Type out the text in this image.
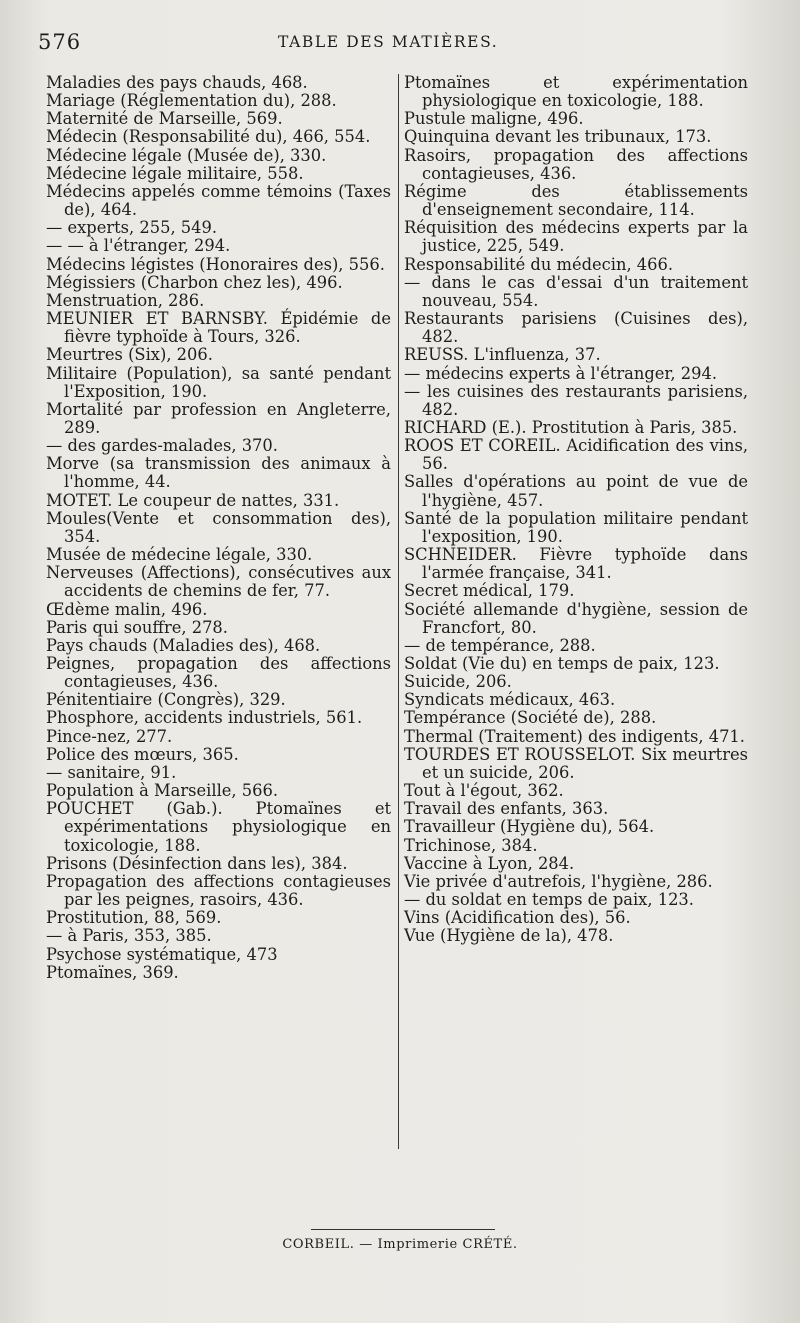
576	TABLE DES MATIÈRES.

Maladies des pays chauds, 468.

Mariage (Réglementation du), 288.

Maternité de Marseille, 569.

Médecin (Responsabilité du), 466, 554.

Médecine légale (Musée de), 330.

Médecine légale militaire, 558.

Médecins appelés comme témoins (Taxes de), 464.

— experts, 255, 549.

— — à l'étranger, 294.

Médecins légistes (Honoraires des), 556.

Mégissiers (Charbon chez les), 496.

Menstruation, 286.

MEUNIER ET BARNSBY. Épidémie de fièvre typhoïde à Tours, 326.

Meurtres (Six), 206.

Militaire (Population), sa santé pendant l'Exposition, 190.

Mortalité par profession en Angleterre, 289.

— des gardes-malades, 370.

Morve (sa transmission des animaux à l'homme, 44.

MOTET. Le coupeur de nattes, 331.

Moules(Vente et consommation des), 354.

Musée de médecine légale, 330.

Nerveuses (Affections), consécutives aux accidents de chemins de fer, 77.

Œdème malin, 496.

Paris qui souffre, 278.

Pays chauds (Maladies des), 468.

Peignes, propagation des affections contagieuses, 436.

Pénitentiaire (Congrès), 329.

Phosphore, accidents industriels, 561.

Pince-nez, 277.

Police des mœurs, 365.

— sanitaire, 91.

Population à Marseille, 566.

POUCHET (Gab.). Ptomaïnes et expérimentations physiologique en toxicologie, 188.

Prisons (Désinfection dans les), 384.

Propagation des affections contagieuses par les peignes, rasoirs, 436.

Prostitution, 88, 569.

— à Paris, 353, 385.

Psychose systématique, 473

Ptomaïnes, 369.

Ptomaïnes et expérimentation physiologique en toxicologie, 188.

Pustule maligne, 496.

Quinquina devant les tribunaux, 173.

Rasoirs, propagation des affections contagieuses, 436.

Régime des établissements d'enseignement secondaire, 114.

Réquisition des médecins experts par la justice, 225, 549.

Responsabilité du médecin, 466.

— dans le cas d'essai d'un traitement nouveau, 554.

Restaurants parisiens (Cuisines des), 482.

REUSS. L'influenza, 37.

— médecins experts à l'étranger, 294.

— les cuisines des restaurants parisiens, 482.

RICHARD (E.). Prostitution à Paris, 385.

ROOS ET COREIL. Acidification des vins, 56.

Salles d'opérations au point de vue de l'hygiène, 457.

Santé de la population militaire pendant l'exposition, 190.

SCHNEIDER. Fièvre typhoïde dans l'armée française, 341.

Secret médical, 179.

Société allemande d'hygiène, session de Francfort, 80.

— de tempérance, 288.

Soldat (Vie du) en temps de paix, 123.

Suicide, 206.

Syndicats médicaux, 463.

Tempérance (Société de), 288.

Thermal (Traitement) des indigents, 471.

TOURDES ET ROUSSELOT. Six meurtres et un suicide, 206.

Tout à l'égout, 362.

Travail des enfants, 363.

Travailleur (Hygiène du), 564.

Trichinose, 384.

Vaccine à Lyon, 284.

Vie privée d'autrefois, l'hygiène, 286.

— du soldat en temps de paix, 123.

Vins (Acidification des), 56.

Vue (Hygiène de la), 478.

CORBEIL. — Imprimerie CRÉTÉ.
